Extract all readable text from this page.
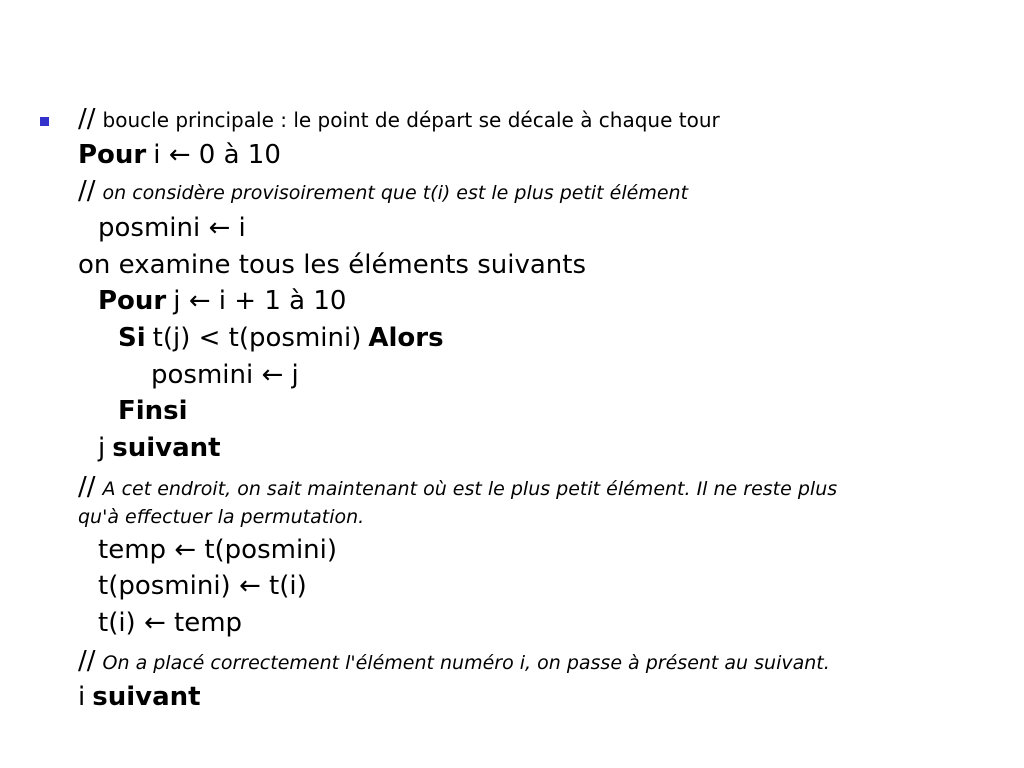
// boucle principale : le point de départ se décale à chaque tour
Pour i ← 0 à 10
// on considère provisoirement que t(i) est le plus petit élément
posmini ← i
on examine tous les éléments suivants
Pour j ← i + 1 à 10
Si t(j) < t(posmini) Alors
posmini ← j
Finsi
j suivant
// A cet endroit, on sait maintenant où est le plus petit élément. Il ne reste plus
qu'à effectuer la permutation.
temp ← t(posmini)
t(posmini) ← t(i)
t(i) ← temp
// On a placé correctement l'élément numéro i, on passe à présent au suivant.
i suivant
